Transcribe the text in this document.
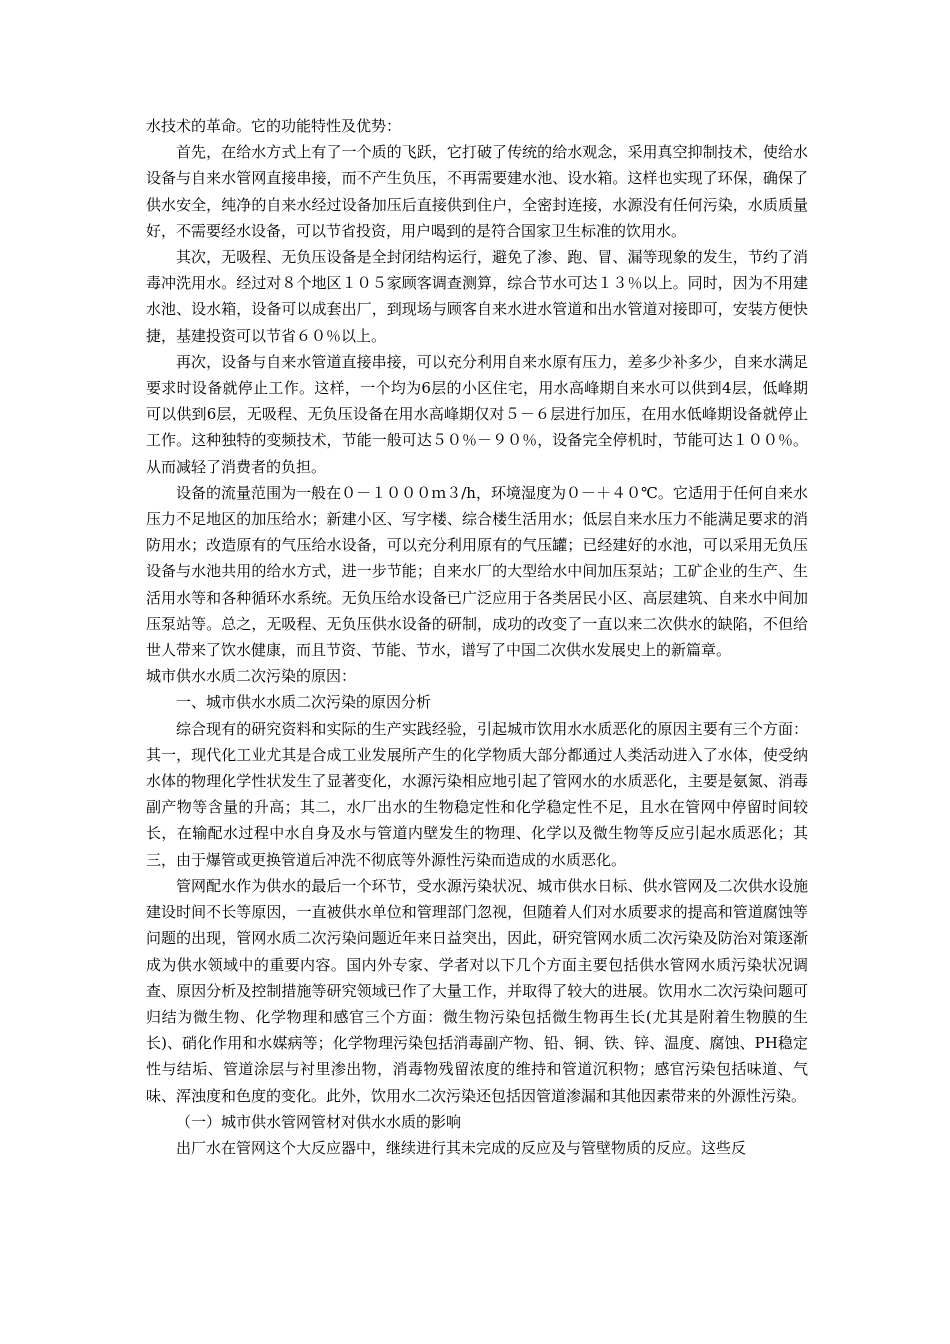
水技术的革命。它的功能特性及优势：

首先，在给水方式上有了一个质的飞跃，它打破了传统的给水观念，采用真空抑制技术，使给水设备与自来水管网直接串接，而不产生负压，不再需要建水池、设水箱。这样也实现了环保，确保了供水安全，纯净的自来水经过设备加压后直接供到住户，全密封连接，水源没有任何污染，水质质量好，不需要经水设备，可以节省投资，用户喝到的是符合国家卫生标准的饮用水。

其次，无吸程、无负压设备是全封闭结构运行，避免了渗、跑、冒、漏等现象的发生，节约了消毒冲洗用水。经过对８个地区１０５家顾客调查测算，综合节水可达１３％以上。同时，因为不用建水池、设水箱，设备可以成套出厂，到现场与顾客自来水进水管道和出水管道对接即可，安装方便快捷，基建投资可以节省６０％以上。

再次，设备与自来水管道直接串接，可以充分利用自来水原有压力，差多少补多少，自来水满足要求时设备就停止工作。这样，一个均为6层的小区住宅，用水高峰期自来水可以供到4层，低峰期可以供到6层，无吸程、无负压设备在用水高峰期仅对５－６层进行加压，在用水低峰期设备就停止工作。这种独特的变频技术，节能一般可达５０％－９０％，设备完全停机时，节能可达１００％。从而减轻了消费者的负担。

设备的流量范围为一般在０－１０００ｍ３/h，环境湿度为０－＋４０℃。它适用于任何自来水压力不足地区的加压给水；新建小区、写字楼、综合楼生活用水；低层自来水压力不能满足要求的消防用水；改造原有的气压给水设备，可以充分利用原有的气压罐；已经建好的水池，可以采用无负压设备与水池共用的给水方式，进一步节能；自来水厂的大型给水中间加压泵站；工矿企业的生产、生活用水等和各种循环水系统。无负压给水设备已广泛应用于各类居民小区、高层建筑、自来水中间加压泵站等。总之，无吸程、无负压供水设备的研制，成功的改变了一直以来二次供水的缺陷，不但给世人带来了饮水健康，而且节资、节能、节水，谱写了中国二次供水发展史上的新篇章。

城市供水水质二次污染的原因：

一、城市供水水质二次污染的原因分析

综合现有的研究资料和实际的生产实践经验，引起城市饮用水水质恶化的原因主要有三个方面：其一，现代化工业尤其是合成工业发展所产生的化学物质大部分都通过人类活动进入了水体，使受纳水体的物理化学性状发生了显著变化，水源污染相应地引起了管网水的水质恶化，主要是氨氮、消毒副产物等含量的升高；其二，水厂出水的生物稳定性和化学稳定性不足，且水在管网中停留时间较长，在输配水过程中水自身及水与管道内壁发生的物理、化学以及微生物等反应引起水质恶化；其三，由于爆管或更换管道后冲洗不彻底等外源性污染而造成的水质恶化。

管网配水作为供水的最后一个环节，受水源污染状况、城市供水日标、供水管网及二次供水设施建设时间不长等原因，一直被供水单位和管理部门忽视，但随着人们对水质要求的提高和管道腐蚀等问题的出现，管网水质二次污染问题近年来日益突出，因此，研究管网水质二次污染及防治对策逐渐成为供水领域中的重要内容。国内外专家、学者对以下几个方面主要包括供水管网水质污染状况调查、原因分析及控制措施等研究领域已作了大量工作，并取得了较大的进展。饮用水二次污染问题可归结为微生物、化学物理和感官三个方面：微生物污染包括微生物再生长(尤其是附着生物膜的生长)、硝化作用和水媒病等；化学物理污染包括消毒副产物、铅、铜、铁、锌、温度、腐蚀、PH稳定性与结垢、管道涂层与衬里渗出物，消毒物残留浓度的维持和管道沉积物；感官污染包括味道、气味、浑浊度和色度的变化。此外，饮用水二次污染还包括因管道渗漏和其他因素带来的外源性污染。

（一）城市供水管网管材对供水水质的影响

出厂水在管网这个大反应器中，继续进行其未完成的反应及与管壁物质的反应。这些反
